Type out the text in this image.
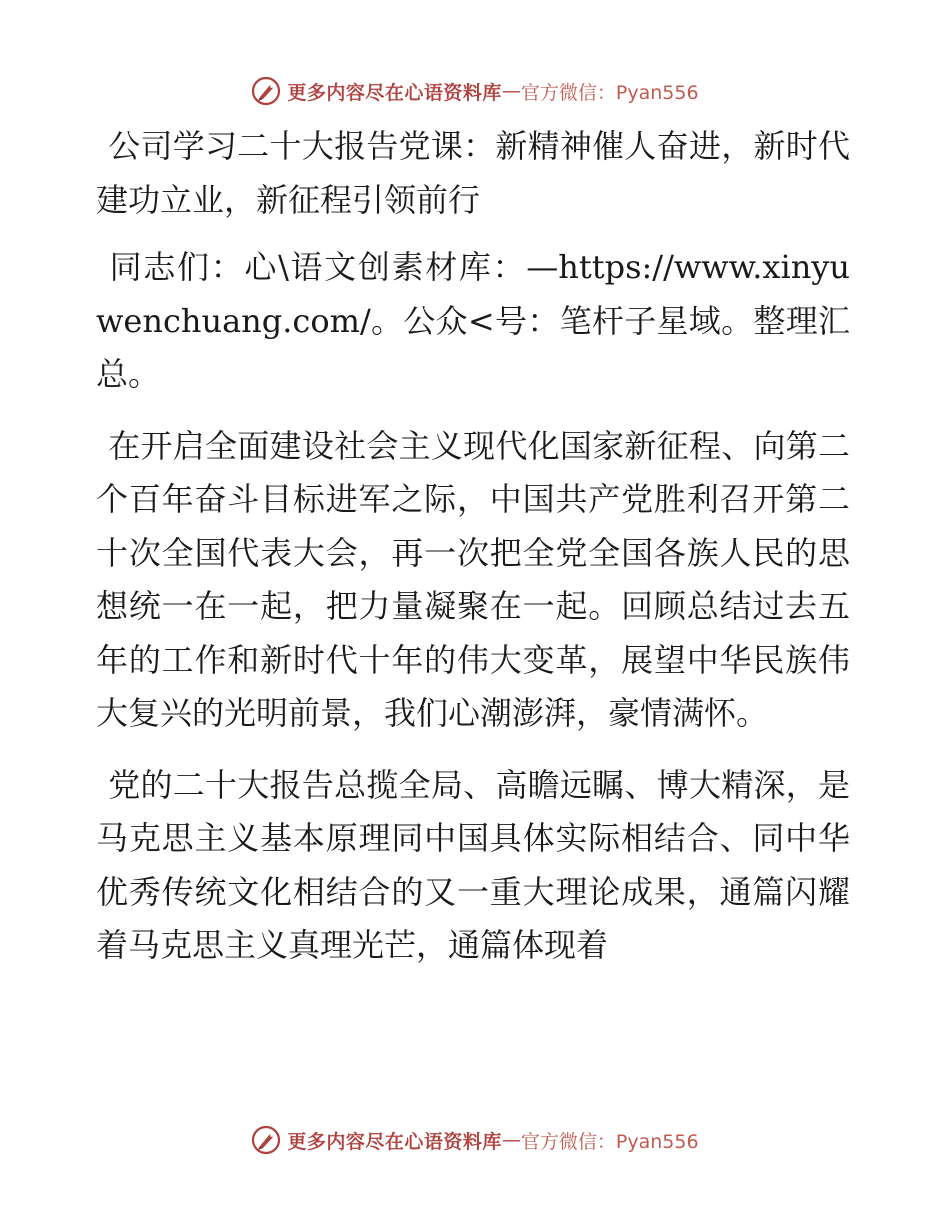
更多内容尽在心语资料库 — 官方微信：Pyan556

公司学习二十大报告党课：新精神催人奋进，新时代建功立业，新征程引领前行

同志们：心\语文创素材库：—https://www.xinyuwenchuang.com/。公众<号：笔杆子星域。整理汇总。

在开启全面建设社会主义现代化国家新征程、向第二个百年奋斗目标进军之际，中国共产党胜利召开第二十次全国代表大会，再一次把全党全国各族人民的思想统一在一起，把力量凝聚在一起。回顾总结过去五年的工作和新时代十年的伟大变革，展望中华民族伟大复兴的光明前景，我们心潮澎湃，豪情满怀。

党的二十大报告总揽全局、高瞻远瞩、博大精深，是马克思主义基本原理同中国具体实际相结合、同中华优秀传统文化相结合的又一重大理论成果，通篇闪耀着马克思主义真理光芒，通篇体现着

更多内容尽在心语资料库 — 官方微信：Pyan556
